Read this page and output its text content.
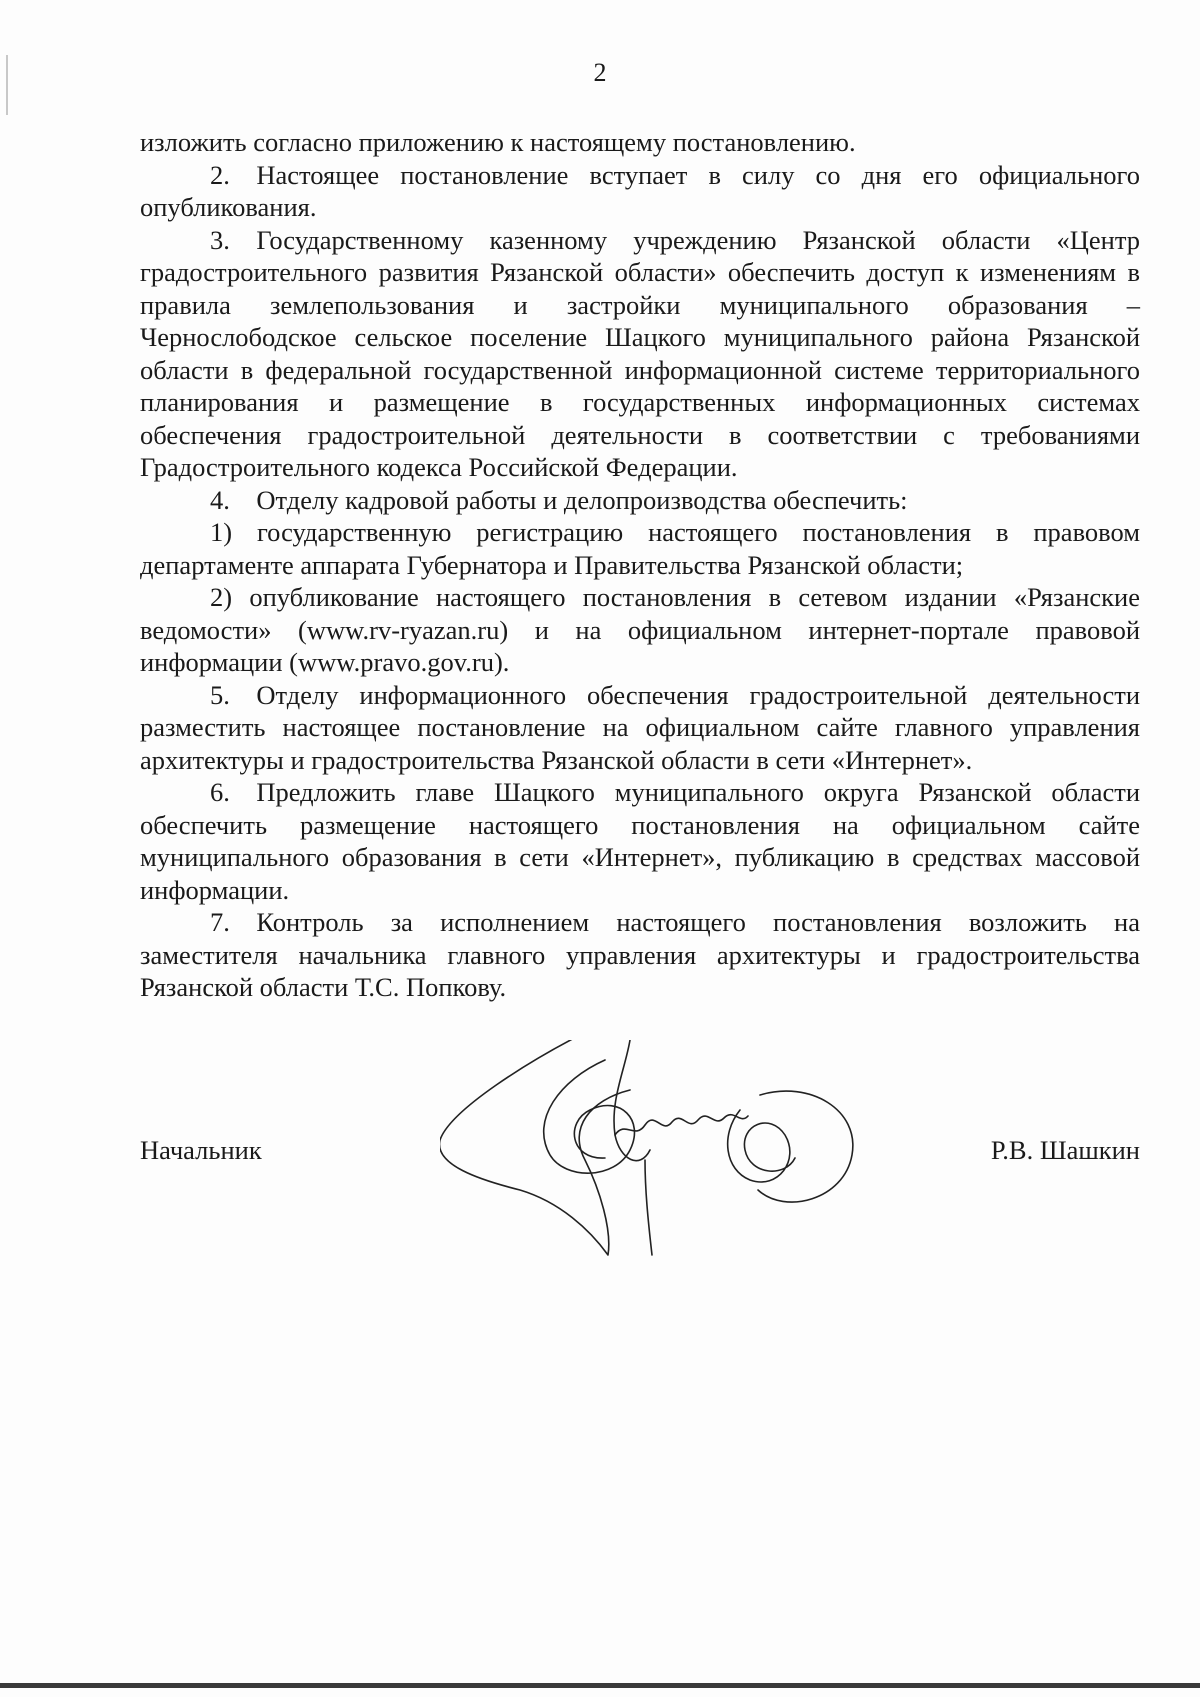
2

изложить согласно приложению к настоящему постановлению.

2. Настоящее постановление вступает в силу со дня его официального опубликования.

3. Государственному казенному учреждению Рязанской области «Центр градостроительного развития Рязанской области» обеспечить доступ к изменениям в правила землепользования и застройки муниципального образования – Чернослободское сельское поселение Шацкого муниципального района Рязанской области в федеральной государственной информационной системе территориального планирования и размещение в государственных информационных системах обеспечения градостроительной деятельности в соответствии с требованиями Градостроительного кодекса Российской Федерации.

4. Отделу кадровой работы и делопроизводства обеспечить:

1) государственную регистрацию настоящего постановления в правовом департаменте аппарата Губернатора и Правительства Рязанской области;

2) опубликование настоящего постановления в сетевом издании «Рязанские ведомости» (www.rv-ryazan.ru) и на официальном интернет-портале правовой информации (www.pravo.gov.ru).

5. Отделу информационного обеспечения градостроительной деятельности разместить настоящее постановление на официальном сайте главного управления архитектуры и градостроительства Рязанской области в сети «Интернет».

6. Предложить главе Шацкого муниципального округа Рязанской области обеспечить размещение настоящего постановления на официальном сайте муниципального образования в сети «Интернет», публикацию в средствах массовой информации.

7. Контроль за исполнением настоящего постановления возложить на заместителя начальника главного управления архитектуры и градостроительства Рязанской области Т.С. Попкову.

Начальник	Р.В. Шашкин
